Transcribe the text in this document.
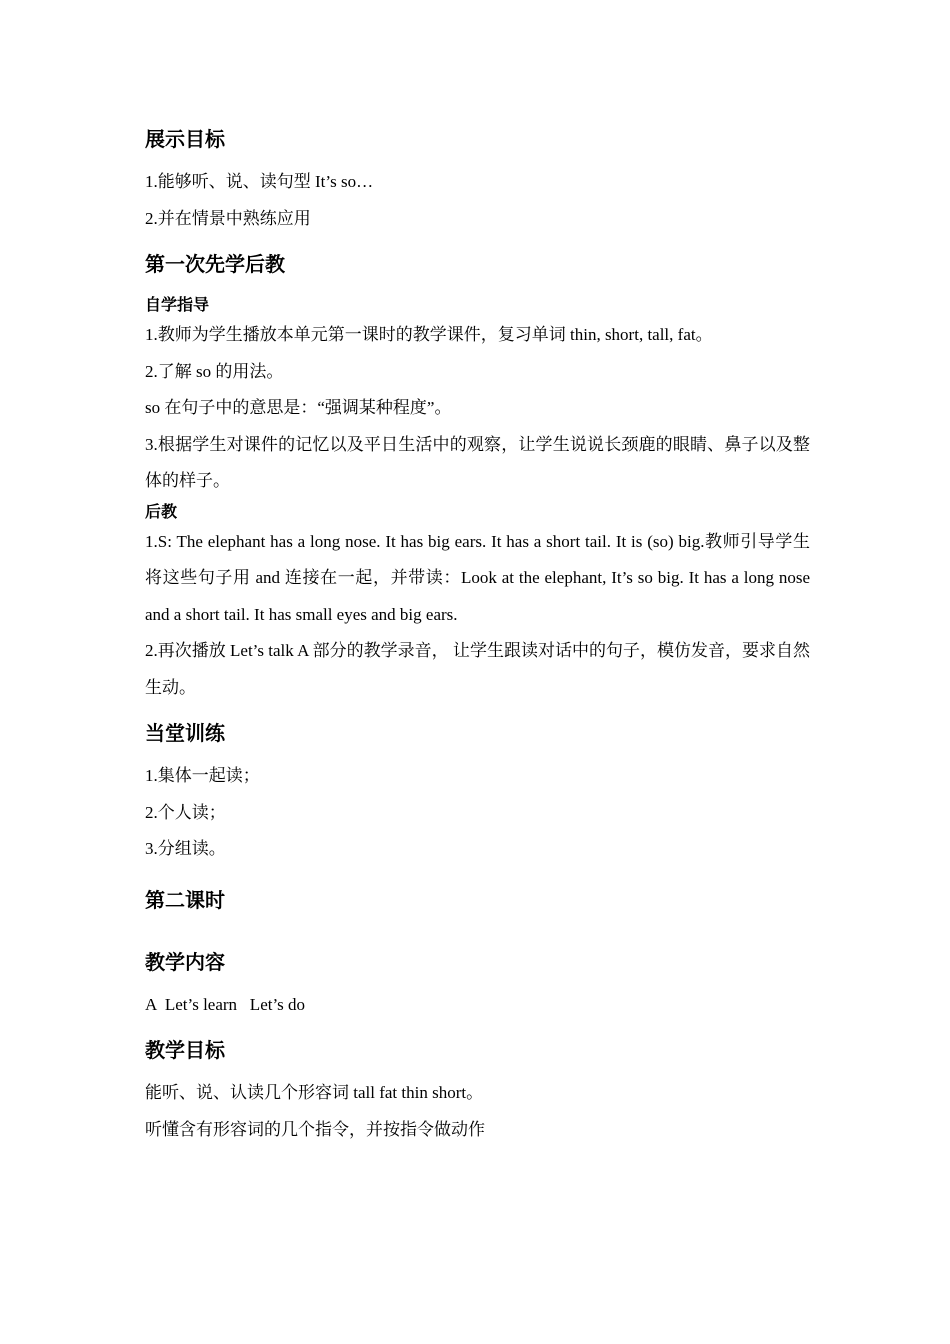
展示目标
1.能够听、说、读句型 It’s so…
2.并在情景中熟练应用
第一次先学后教
自学指导
1.教师为学生播放本单元第一课时的教学课件，复习单词 thin, short, tall, fat。
2.了解 so 的用法。
so 在句子中的意思是：“强调某种程度”。
3.根据学生对课件的记忆以及平日生活中的观察，让学生说说长颈鹿的眼睛、鼻子以及整体的样子。
后教
1.S: The elephant has a long nose. It has big ears. It has a short tail. It is (so) big.教师引导学生将这些句子用 and 连接在一起，并带读：Look at the elephant, It’s so big. It has a long nose and a short tail. It has small eyes and big ears.
2.再次播放 Let’s talk A 部分的教学录音， 让学生跟读对话中的句子，模仿发音，要求自然生动。
当堂训练
1.集体一起读；
2.个人读；
3.分组读。
第二课时
教学内容
A  Let’s learn   Let’s do
教学目标
能听、说、认读几个形容词 tall fat thin short。
听懂含有形容词的几个指令，并按指令做动作
